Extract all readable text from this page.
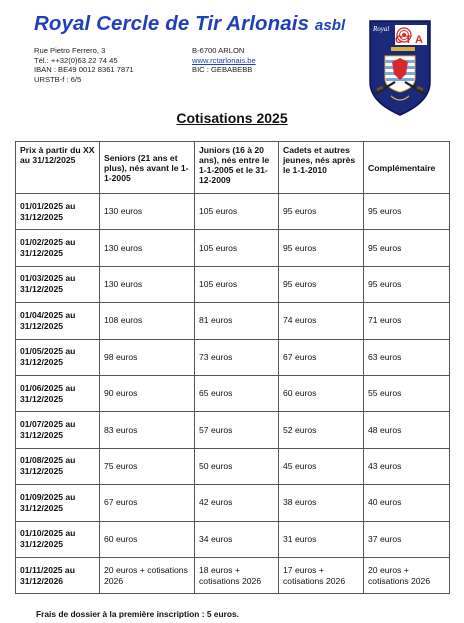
Royal Cercle de Tir Arlonais asbl
Rue Pietro Ferrero, 3
Tél.: ++32(0)63 22 74 45
IBAN : BE49 0012 8361 7871
URSTB-f : 6/5
B-6700 ARLON
www.rctarlonais.be
BIC : GEBABEBB
Royal
C T A
Cotisations 2025
Prix à partir du XX au 31/12/2025	Seniors (21 ans et plus), nés avant le 1-1-2005	Juniors (16 à 20 ans), nés entre le 1-1-2005 et le 31-12-2009	Cadets et autres jeunes, nés après le 1-1-2010	Complémentaire
01/01/2025 au 31/12/2025	130 euros	105 euros	95 euros	95 euros
01/02/2025 au 31/12/2025	130 euros	105 euros	95 euros	95 euros
01/03/2025 au 31/12/2025	130 euros	105 euros	95 euros	95 euros
01/04/2025 au 31/12/2025	108 euros	81 euros	74 euros	71 euros
01/05/2025 au 31/12/2025	98 euros	73 euros	67 euros	63 euros
01/06/2025 au 31/12/2025	90 euros	65 euros	60 euros	55 euros
01/07/2025 au 31/12/2025	83 euros	57 euros	52 euros	48 euros
01/08/2025 au 31/12/2025	75 euros	50 euros	45 euros	43 euros
01/09/2025 au 31/12/2025	67 euros	42 euros	38 euros	40 euros
01/10/2025 au 31/12/2025	60 euros	34 euros	31 euros	37 euros
01/11/2025 au 31/12/2026	20 euros + cotisations 2026	18 euros + cotisations 2026	17 euros + cotisations 2026	20 euros + cotisations 2026
Frais de dossier à la première inscription : 5 euros.
